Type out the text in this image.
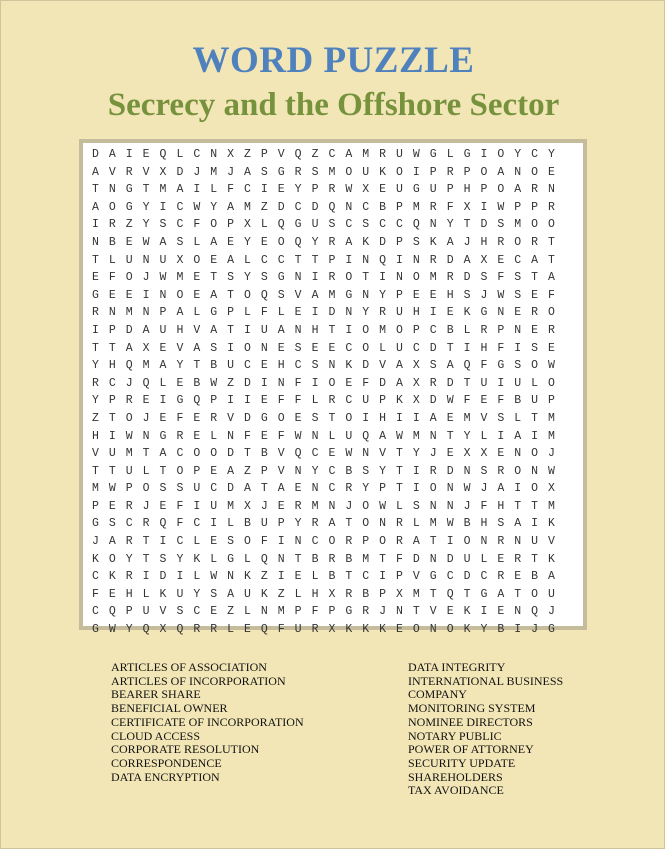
WORD PUZZLE
Secrecy and the Offshore Sector
D A I E Q L C N X Z P V Q Z C A M R U W G L G I O Y C Y
A V R V X D J M J A S G R S M O U K O I P R P O A N O E
T N G T M A I L F C I E Y P R W X E U G U P H P O A R N
A O G Y I C W Y A M Z D C D Q N C B P M R F X I W P P R
I R Z Y S C F O P X L Q G U S C S C C Q N Y T D S M O O
N B E W A S L A E Y E O Q Y R A K D P S K A J H R O R T
T L U N U X O E A L C C T T P I N Q I N R D A X E C A T
E F O J W M E T S Y S G N I R O T I N O M R D S F S T A
G E E I N O E A T O Q S V A M G N Y P E E H S J W S E F
R N M N P A L G P L F L E I D N Y R U H I E K G N E R O
I P D A U H V A T I U A N H T I O M O P C B L R P N E R
T T A X E V A S I O N E S E E C O L U C D T I H F I S E
Y H Q M A Y T B U C E H C S N K D V A X S A Q F G S O W
R C J Q L E B W Z D I N F I O E F D A X R D T U I U L O
Y P R E I G Q P I I E F F L R C U P K X D W F E F B U P
Z T O J E F E R V D G O E S T O I H I I A E M V S L T M
H I W N G R E L N F E F W N L U Q A W M N T Y L I A I M
V U M T A C O O D T B V Q C E W N V T Y J E X X E N O J
T T U L T O P E A Z P V N Y C B S Y T I R D N S R O N W
M W P O S S U C D A T A E N C R Y P T I O N W J A I O X
P E R J E F I U M X J E R M N J O W L S N N J F H T T M
G S C R Q F C I L B U P Y R A T O N R L M W B H S A I K
J A R T I C L E S O F I N C O R P O R A T I O N R N U V
K O Y T S Y K L G L Q N T B R B M T F D N D U L E R T K
C K R I D I L W N K Z I E L B T C I P V G C D C R E B A
F E H L K U Y S A U K Z L H X R B P X M T Q T G A T O U
C Q P U V S C E Z L N M P F P G R J N T V E K I E N Q J
G W Y Q X Q R R L E Q F U R X K K K E O N O K Y B I J G
ARTICLES OF ASSOCIATION
ARTICLES OF INCORPORATION
BEARER SHARE
BENEFICIAL OWNER
CERTIFICATE OF INCORPORATION
CLOUD ACCESS
CORPORATE RESOLUTION
CORRESPONDENCE
DATA ENCRYPTION
DATA INTEGRITY
INTERNATIONAL BUSINESS
COMPANY
MONITORING SYSTEM
NOMINEE DIRECTORS
NOTARY PUBLIC
POWER OF ATTORNEY
SECURITY UPDATE
SHAREHOLDERS
TAX AVOIDANCE
